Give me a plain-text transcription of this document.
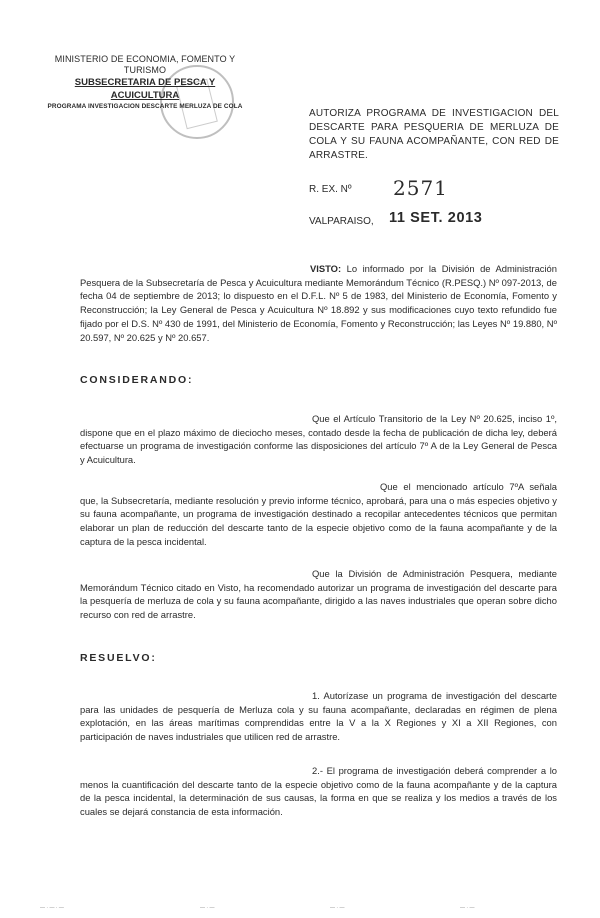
MINISTERIO DE ECONOMIA, FOMENTO Y TURISMO
SUBSECRETARIA DE PESCA Y ACUICULTURA
PROGRAMA INVESTIGACION DESCARTE MERLUZA DE COLA
AUTORIZA PROGRAMA DE INVESTIGACION DEL DESCARTE PARA PESQUERIA DE MERLUZA DE COLA Y SU FAUNA ACOMPAÑANTE, CON RED DE ARRASTRE.
R. EX. Nº 2571
VALPARAISO, 11 SET. 2013
VISTO: Lo informado por la División de Administración Pesquera de la Subsecretaría de Pesca y Acuicultura mediante Memorándum Técnico (R.PESQ.) Nº 097-2013, de fecha 04 de septiembre de 2013; lo dispuesto en el D.F.L. Nº 5 de 1983, del Ministerio de Economía, Fomento y Reconstrucción; la Ley General de Pesca y Acuicultura Nº 18.892 y sus modificaciones cuyo texto refundido fue fijado por el D.S. Nº 430 de 1991, del Ministerio de Economía, Fomento y Reconstrucción; las Leyes Nº 19.880, Nº 20.597, Nº 20.625 y Nº 20.657.
CONSIDERANDO:
Que el Artículo Transitorio de la Ley Nº 20.625, inciso 1º, dispone que en el plazo máximo de dieciocho meses, contado desde la fecha de publicación de dicha ley, deberá efectuarse un programa de investigación conforme las disposiciones del artículo 7º A de la Ley General de Pesca y Acuicultura.
Que el mencionado artículo 7ºA señala que, la Subsecretaría, mediante resolución y previo informe técnico, aprobará, para una o más especies objetivo y su fauna acompañante, un programa de investigación destinado a recopilar antecedentes técnicos que permitan elaborar un plan de reducción del descarte tanto de la especie objetivo como de la fauna acompañante y de la captura de la pesca incidental.
Que la División de Administración Pesquera, mediante Memorándum Técnico citado en Visto, ha recomendado autorizar un programa de investigación del descarte para la pesquería de merluza de cola y su fauna acompañante, dirigido a las naves industriales que operan sobre dicho recurso con red de arrastre.
RESUELVO:
1. Autorízase un programa de investigación del descarte para las unidades de pesquería de Merluza cola y su fauna acompañante, declaradas en régimen de plena explotación, en las áreas marítimas comprendidas entre la V a la X Regiones y XI a XII Regiones, con participación de naves industriales que utilicen red de arrastre.
2.- El programa de investigación deberá comprender a lo menos la cuantificación del descarte tanto de la especie objetivo como de la fauna acompañante y de la captura de la pesca incidental, la determinación de sus causas, la forma en que se realiza y los medios a través de los cuales se dejará constancia de esta información.
— · — · —	— · —	— · —	— · —
